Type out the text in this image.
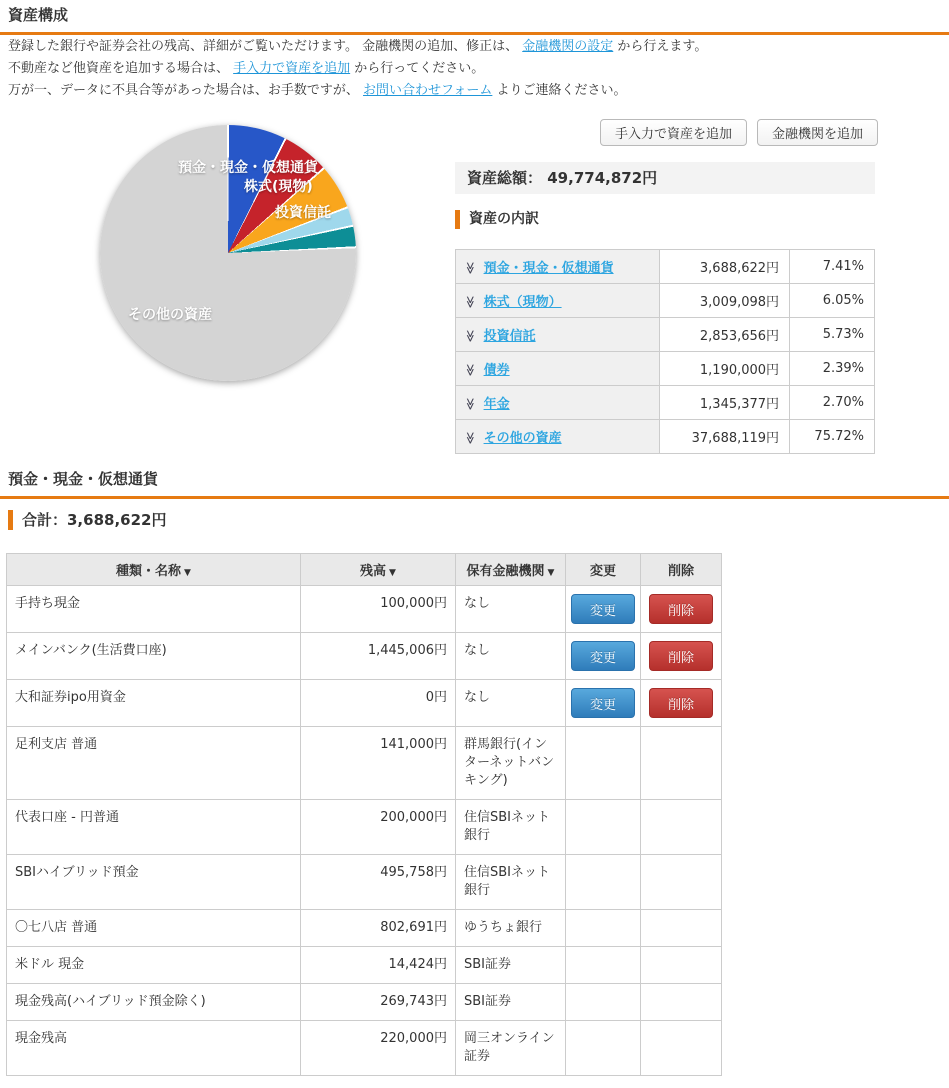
資産構成
登録した銀行や証券会社の残高、詳細がご覧いただけます。 金融機関の追加、修正は、 金融機関の設定 から行えます。
不動産など他資産を追加する場合は、 手入力で資産を追加 から行ってください。
万が一、データに不具合等があった場合は、お手数ですが、 お問い合わせフォーム よりご連絡ください。
預金・現金・仮想通貨
株式(現物)
投資信託
その他の資産
手入力で資産を追加	金融機関を追加
資産総額： 49,774,872円
資産の内訳
≫ 預金・現金・仮想通貨	3,688,622円	7.41%
≫ 株式（現物）	3,009,098円	6.05%
≫ 投資信託	2,853,656円	5.73%
≫ 債券	1,190,000円	2.39%
≫ 年金	1,345,377円	2.70%
≫ その他の資産	37,688,119円	75.72%
預金・現金・仮想通貨
合計：3,688,622円
種類・名称 ▼	残高 ▼	保有金融機関 ▼	変更	削除
手持ち現金	100,000円	なし	変更	削除
メインバンク(生活費口座)	1,445,006円	なし	変更	削除
大和証券ipo用資金	0円	なし	変更	削除
足利支店 普通	141,000円	群馬銀行(インターネットバンキング)		
代表口座 - 円普通	200,000円	住信SBIネット銀行		
SBIハイブリッド預金	495,758円	住信SBIネット銀行		
〇七八店 普通	802,691円	ゆうちょ銀行		
米ドル 現金	14,424円	SBI証券		
現金残高(ハイブリッド預金除く)	269,743円	SBI証券		
現金残高	220,000円	岡三オンライン証券		
